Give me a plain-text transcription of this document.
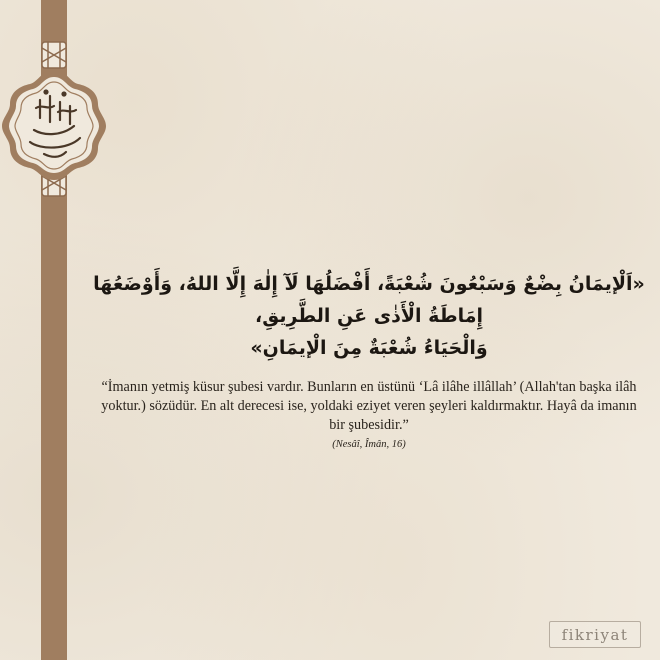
«اَلْإيمَانُ بِضْعٌ وَسَبْعُونَ شُعْبَةً، أَفْضَلُهَا لَآ إِلٰهَ إِلَّا اللهُ، وَأَوْضَعُهَا إِمَاطَةُ الْأَذٰى عَنِ الطَّرِيقِ،

وَالْحَيَاءُ شُعْبَةٌ مِنَ الْإيمَانِ»

“İmanın yetmiş küsur şubesi vardır. Bunların en üstünü ‘Lâ ilâhe illâllah’ (Allah'tan başka ilâh yoktur.) sözüdür. En alt derecesi ise, yoldaki eziyet veren şeyleri kaldırmaktır. Hayâ da imanın bir şubesidir.”

(Nesâî, Îmân, 16)
fikriyat
